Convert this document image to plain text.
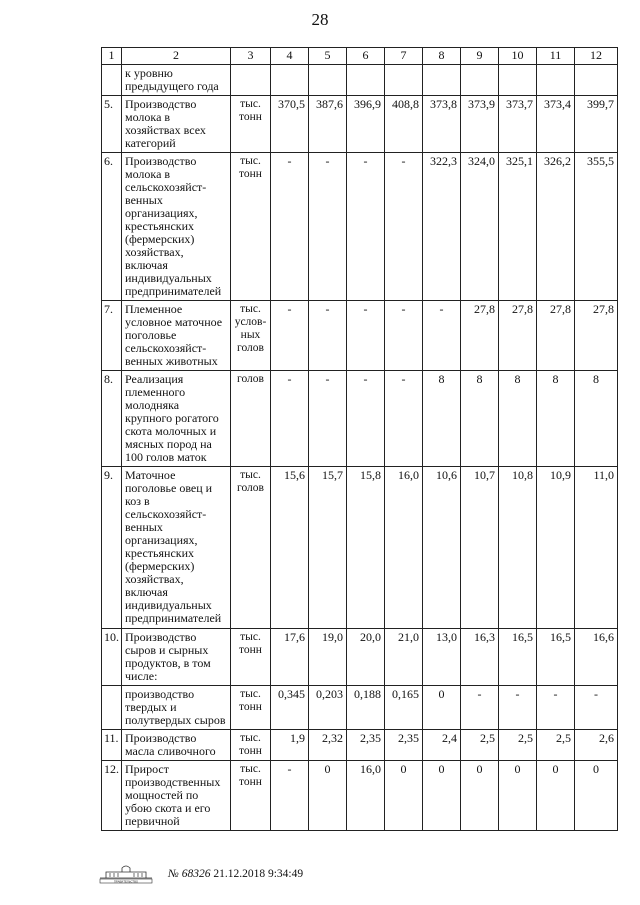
28
1	2	3	4	5	6	7	8	9	10	11	12
	к уровню предыдущего года										
5.	Производство молока в хозяйствах всех категорий	тыс. тонн	370,5	387,6	396,9	408,8	373,8	373,9	373,7	373,4	399,7
6.	Производство молока в сельскохозяйст-венных организациях, крестьянских (фермерских) хозяйствах, включая индивидуальных предпринимателей	тыс. тонн	-	-	-	-	322,3	324,0	325,1	326,2	355,5
7.	Племенное условное маточное поголовье сельскохозяйст-венных животных	тыс. услов-ных голов	-	-	-	-	-	27,8	27,8	27,8	27,8
8.	Реализация племенного молодняка крупного рогатого скота молочных и мясных пород на 100 голов маток	голов	-	-	-	-	8	8	8	8	8
9.	Маточное поголовье овец и коз в сельскохозяйст-венных организациях, крестьянских (фермерских) хозяйствах, включая индивидуальных предпринимателей	тыс. голов	15,6	15,7	15,8	16,0	10,6	10,7	10,8	10,9	11,0
10.	Производство сыров и сырных продуктов, в том числе:	тыс. тонн	17,6	19,0	20,0	21,0	13,0	16,3	16,5	16,5	16,6
	производство твердых и полутвердых сыров	тыс. тонн	0,345	0,203	0,188	0,165	0	-	-	-	-
11.	Производство масла сливочного	тыс. тонн	1,9	2,32	2,35	2,35	2,4	2,5	2,5	2,5	2,6
12.	Прирост производственных мощностей по убою скота и его первичной	тыс. тонн	-	0	16,0	0	0	0	0	0	0
ПРАВИТЕЛЬСТВО
№ 68326 21.12.2018 9:34:49
